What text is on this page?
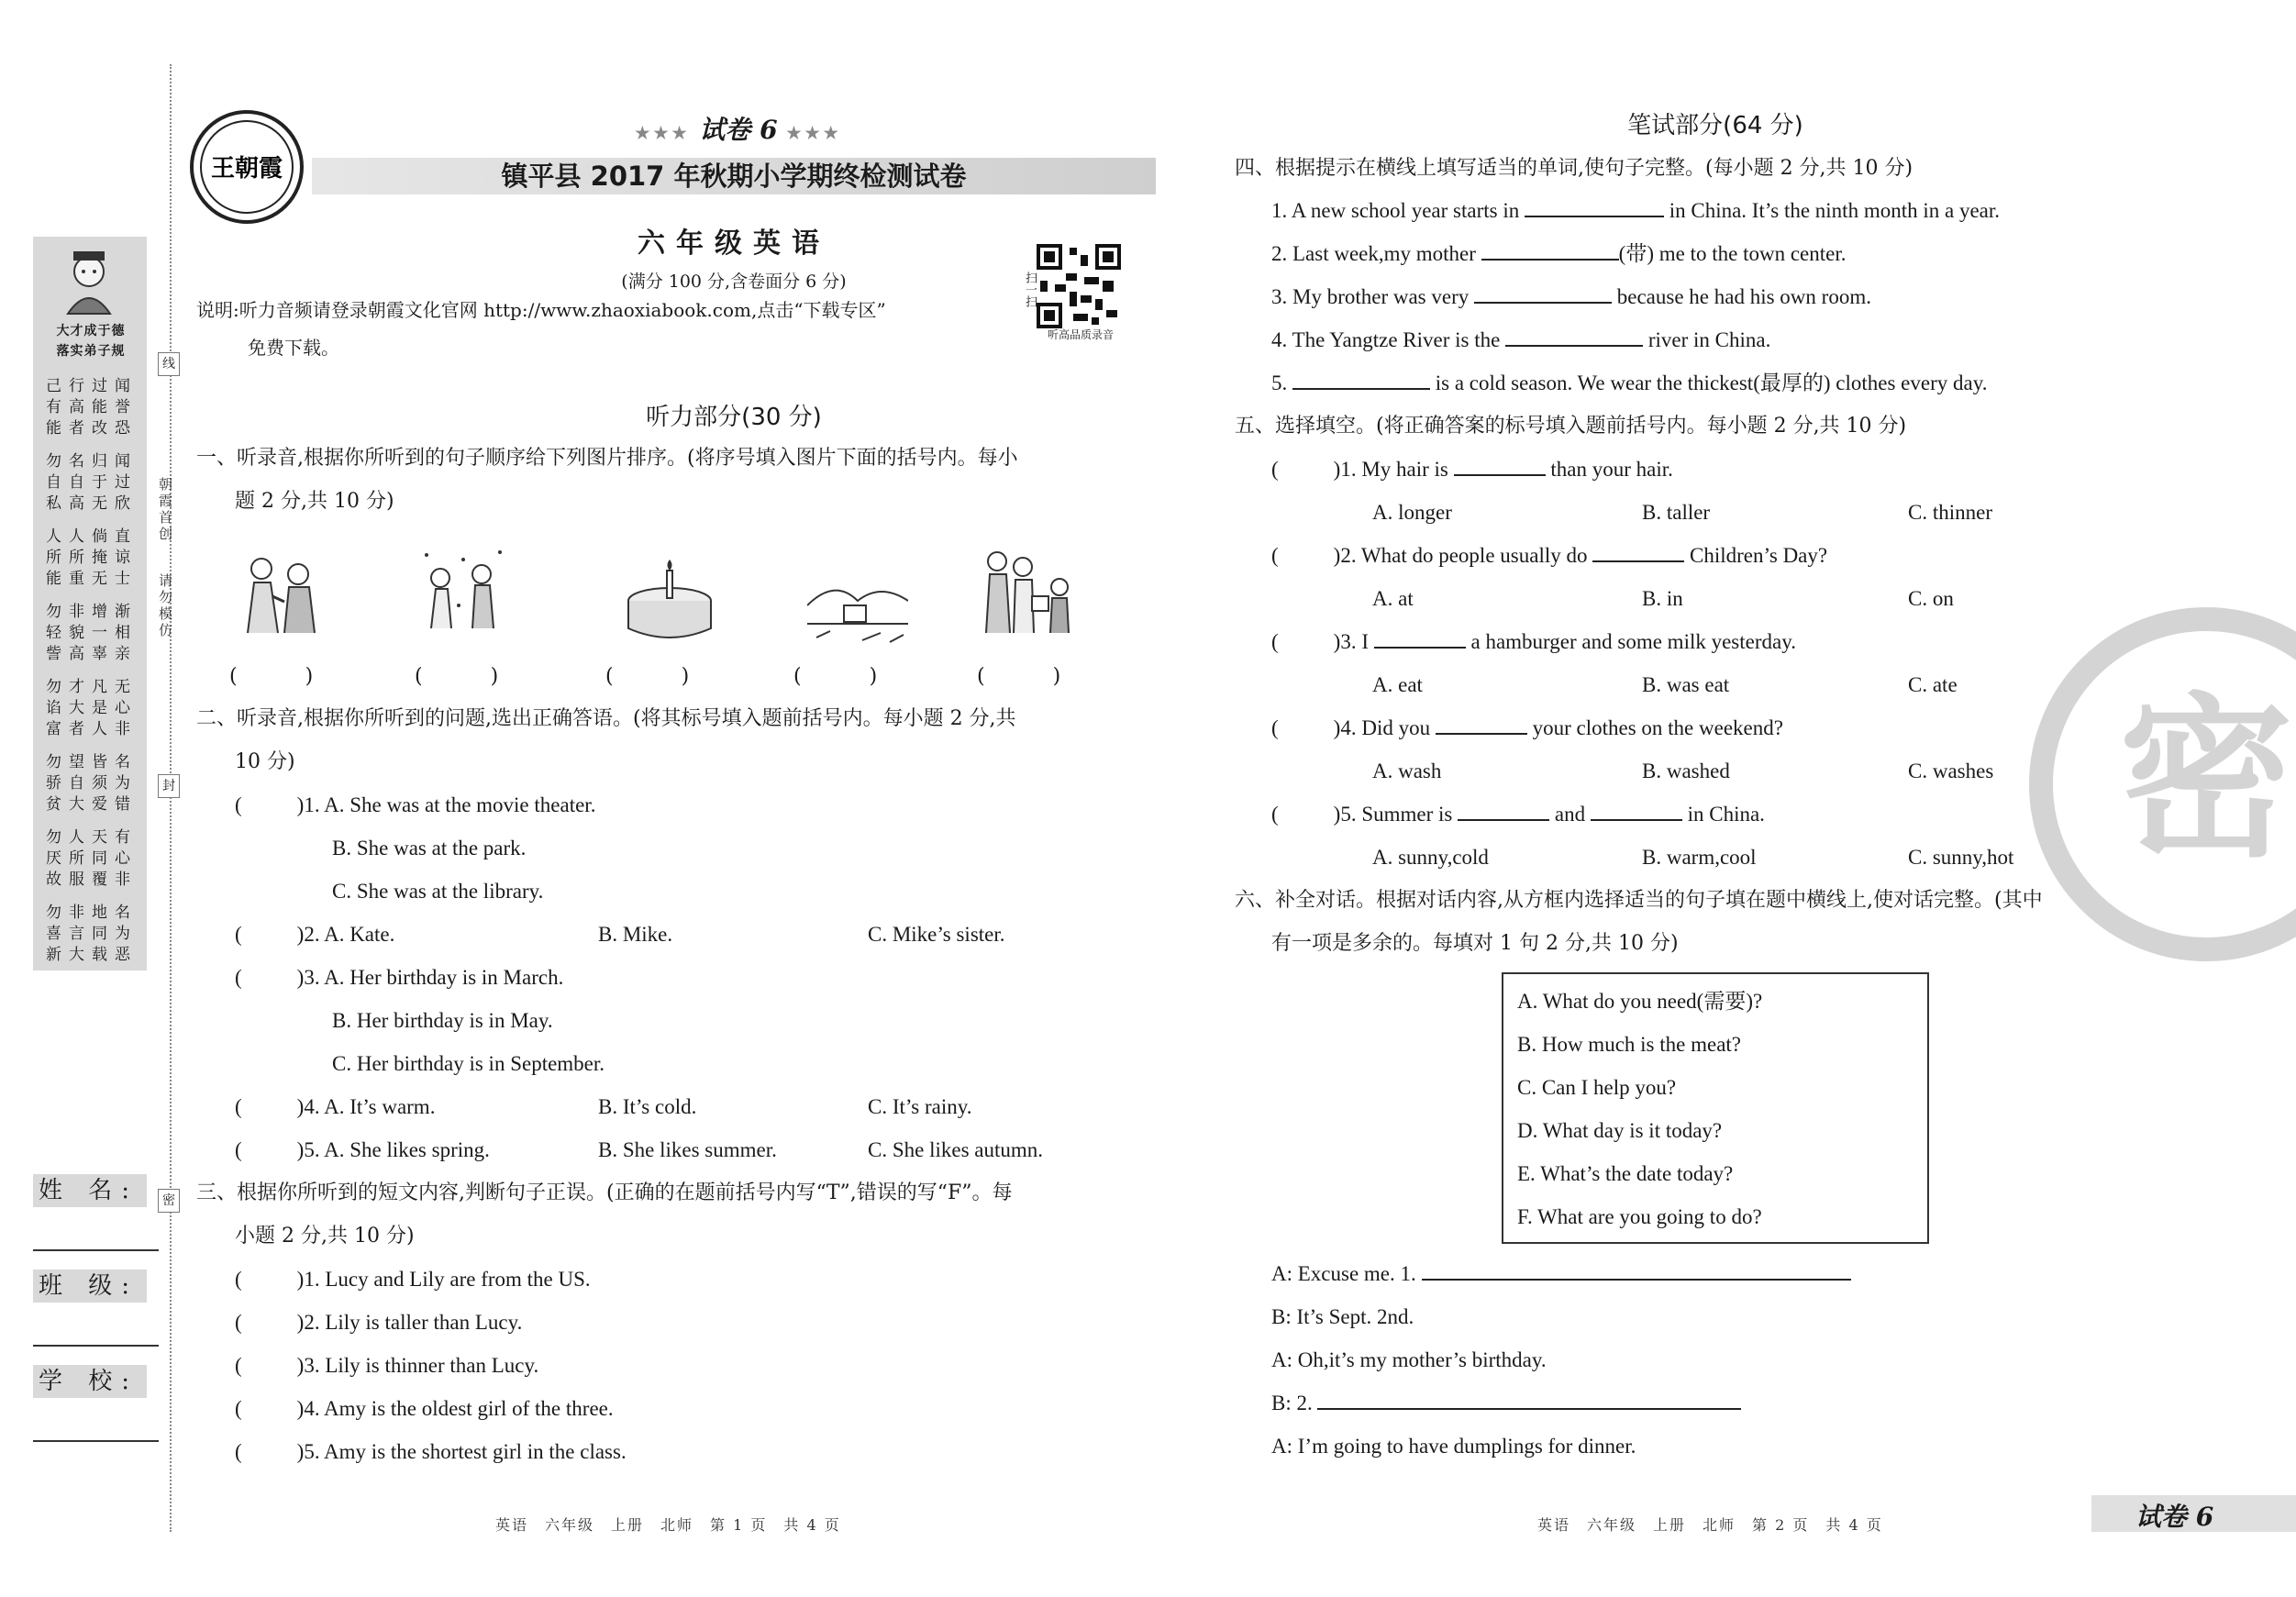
大才成于德
落实弟子规
己行过闻
有高能誉
能者改恐
勿名归闻
自自于过
私高无欣
人人倘直
所所掩谅
能重无士
勿非增渐
轻貌一相
訾高辜亲
勿才凡无
谄大是心
富者人非
勿望皆名
骄自须为
贫大爱错
勿人天有
厌所同心
故服覆非
勿非地名
喜言同为
新大载恶
朝霞首创
请勿模仿
线
封
密
姓 名:
班 级:
学 校:
王朝霞
★★★ 试卷 6 ★★★
镇平县 2017 年秋期小学期终检测试卷
六年级英语
(满分 100 分,含卷面分 6 分)
说明:听力音频请登录朝霞文化官网 http://www.zhaoxiabook.com,点击“下载专区”
免费下载。
扫一扫
听高品质录音
听力部分(30 分)
一、听录音,根据你所听到的句子顺序给下列图片排序。(将序号填入图片下面的括号内。每小
题 2 分,共 10 分)
(　)	(　)	(　)	(　)	(　)
二、听录音,根据你所听到的问题,选出正确答语。(将其标号填入题前括号内。每小题 2 分,共
10 分)
(	)1. A. She was at the movie theater.
B. She was at the park.
C. She was at the library.
(	)2. A. Kate.	B. Mike.	C. Mike’s sister.
(	)3. A. Her birthday is in March.
B. Her birthday is in May.
C. Her birthday is in September.
(	)4. A. It’s warm.	B. It’s cold.	C. It’s rainy.
(	)5. A. She likes spring.	B. She likes summer.	C. She likes autumn.
三、根据你所听到的短文内容,判断句子正误。(正确的在题前括号内写“T”,错误的写“F”。每
小题 2 分,共 10 分)
(	)1. Lucy and Lily are from the US.
(	)2. Lily is taller than Lucy.
(	)3. Lily is thinner than Lucy.
(	)4. Amy is the oldest girl of the three.
(	)5. Amy is the shortest girl in the class.
英语　六年级　上册　北师　第 1 页　共 4 页
密
笔试部分(64 分)
四、根据提示在横线上填写适当的单词,使句子完整。(每小题 2 分,共 10 分)
1. A new school year starts in	in China. It’s the ninth month in a year.
2. Last week,my mother	(带) me to the town center.
3. My brother was very	because he had his own room.
4. The Yangtze River is the	river in China.
5.	is a cold season. We wear the thickest(最厚的) clothes every day.
五、选择填空。(将正确答案的标号填入题前括号内。每小题 2 分,共 10 分)
(	)1. My hair is	than your hair.
A. longer	B. taller	C. thinner
(	)2. What do people usually do	Children’s Day?
A. at	B. in	C. on
(	)3. I	a hamburger and some milk yesterday.
A. eat	B. was eat	C. ate
(	)4. Did you	your clothes on the weekend?
A. wash	B. washed	C. washes
(	)5. Summer is	and	in China.
A. sunny,cold	B. warm,cool	C. sunny,hot
六、补全对话。根据对话内容,从方框内选择适当的句子填在题中横线上,使对话完整。(其中
有一项是多余的。每填对 1 句 2 分,共 10 分)
A. What do you need(需要)?
B. How much is the meat?
C. Can I help you?
D. What day is it today?
E. What’s the date today?
F. What are you going to do?
A: Excuse me. 1.
B: It’s Sept. 2nd.
A: Oh,it’s my mother’s birthday.
B: 2.
A: I’m going to have dumplings for dinner.
英语　六年级　上册　北师　第 2 页　共 4 页	试卷 6
